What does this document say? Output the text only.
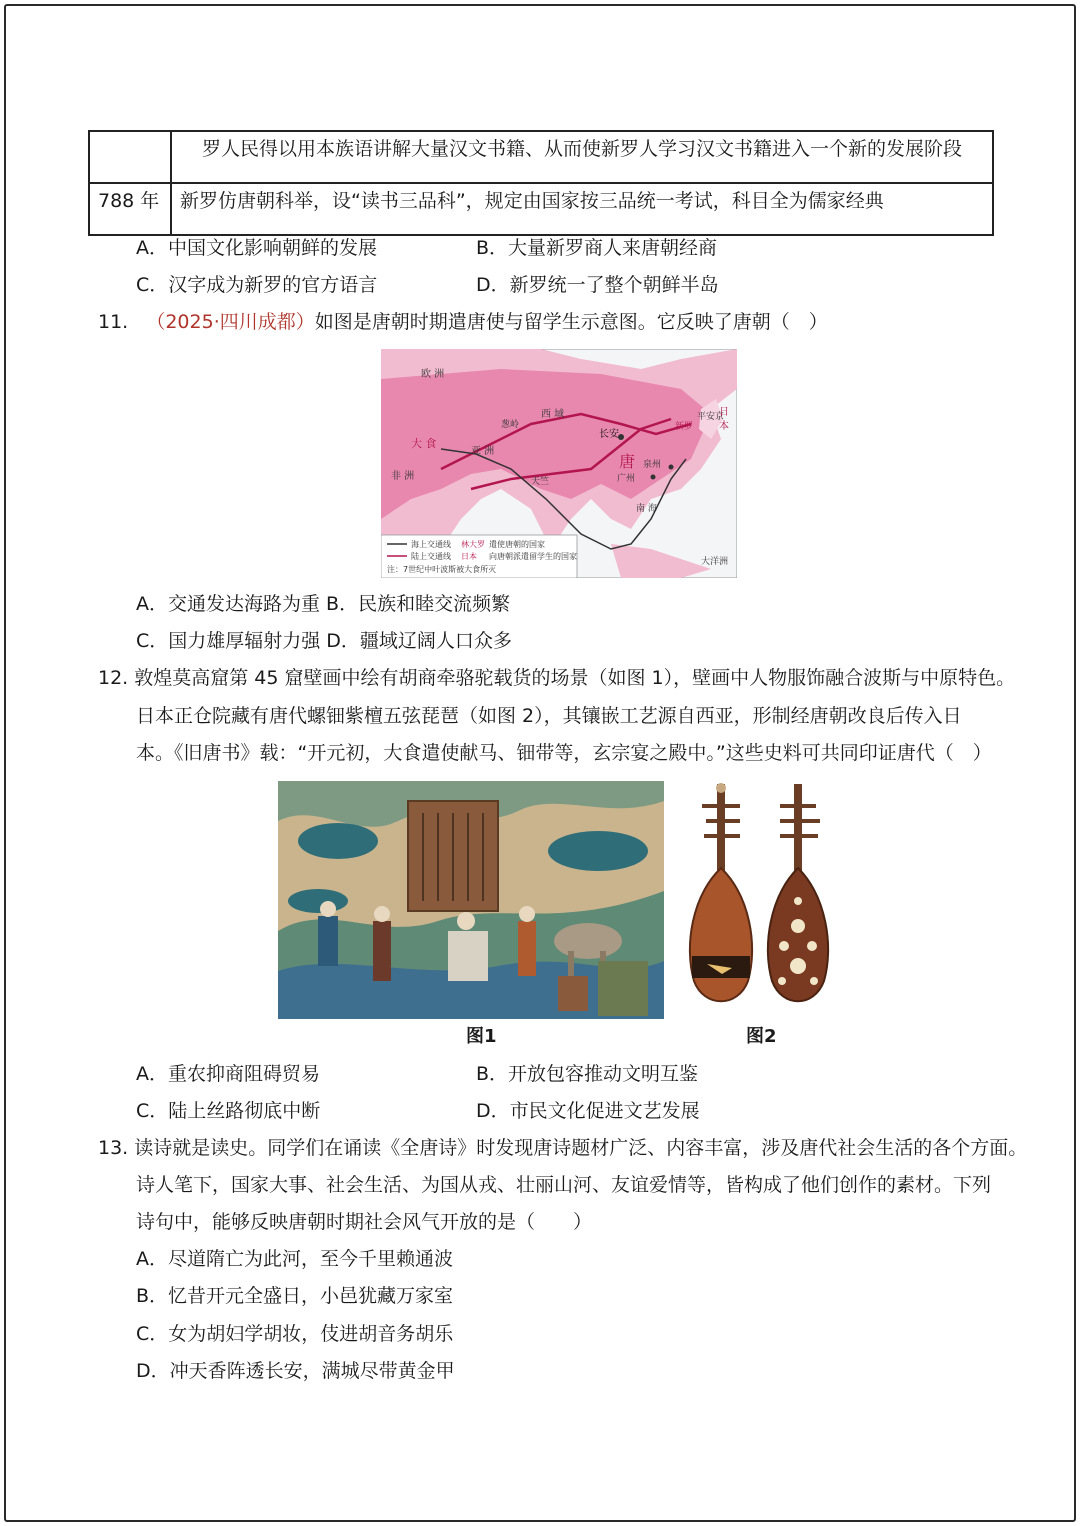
	罗人民得以用本族语讲解大量汉文书籍、从而使新罗人学习汉文书籍进入一个新的发展阶段
788 年	新罗仿唐朝科举，设“读书三品科”，规定由国家按三品统一考试，科目全为儒家经典
A．中国文化影响朝鲜的发展	B．大量新罗商人来唐朝经商
C．汉字成为新罗的官方语言	D．新罗统一了整个朝鲜半岛
11. （2025·四川成都）如图是唐朝时期遣唐使与留学生示意图。它反映了唐朝（　）
欧 洲
西 域
长安
唐
广州
泉州
新罗
平安京
日
本
大 食
亚 洲
葱岭
天竺
非 洲
南 海
大洋洲
海上交通线
陆上交通线
林大罗 遣使唐朝的国家
日本 向唐朝派遣留学生的国家
注：7世纪中叶波斯被大食所灭
A．交通发达海路为重 B．民族和睦交流频繁
C．国力雄厚辐射力强 D．疆域辽阔人口众多
12. 敦煌莫高窟第 45 窟壁画中绘有胡商牵骆驼载货的场景（如图 1），壁画中人物服饰融合波斯与中原特色。
日本正仓院藏有唐代螺钿紫檀五弦琵琶（如图 2），其镶嵌工艺源自西亚，形制经唐朝改良后传入日
本。《旧唐书》载：“开元初，大食遣使献马、钿带等，玄宗宴之殿中。”这些史料可共同印证唐代（　）
图1	图2
A．重农抑商阻碍贸易	B．开放包容推动文明互鉴
C．陆上丝路彻底中断	D．市民文化促进文艺发展
13. 读诗就是读史。同学们在诵读《全唐诗》时发现唐诗题材广泛、内容丰富，涉及唐代社会生活的各个方面。
诗人笔下，国家大事、社会生活、为国从戎、壮丽山河、友谊爱情等，皆构成了他们创作的素材。下列
诗句中，能够反映唐朝时期社会风气开放的是（　　）
A．尽道隋亡为此河，至今千里赖通波
B．忆昔开元全盛日，小邑犹藏万家室
C．女为胡妇学胡妆，伎进胡音务胡乐
D．冲天香阵透长安，满城尽带黄金甲
